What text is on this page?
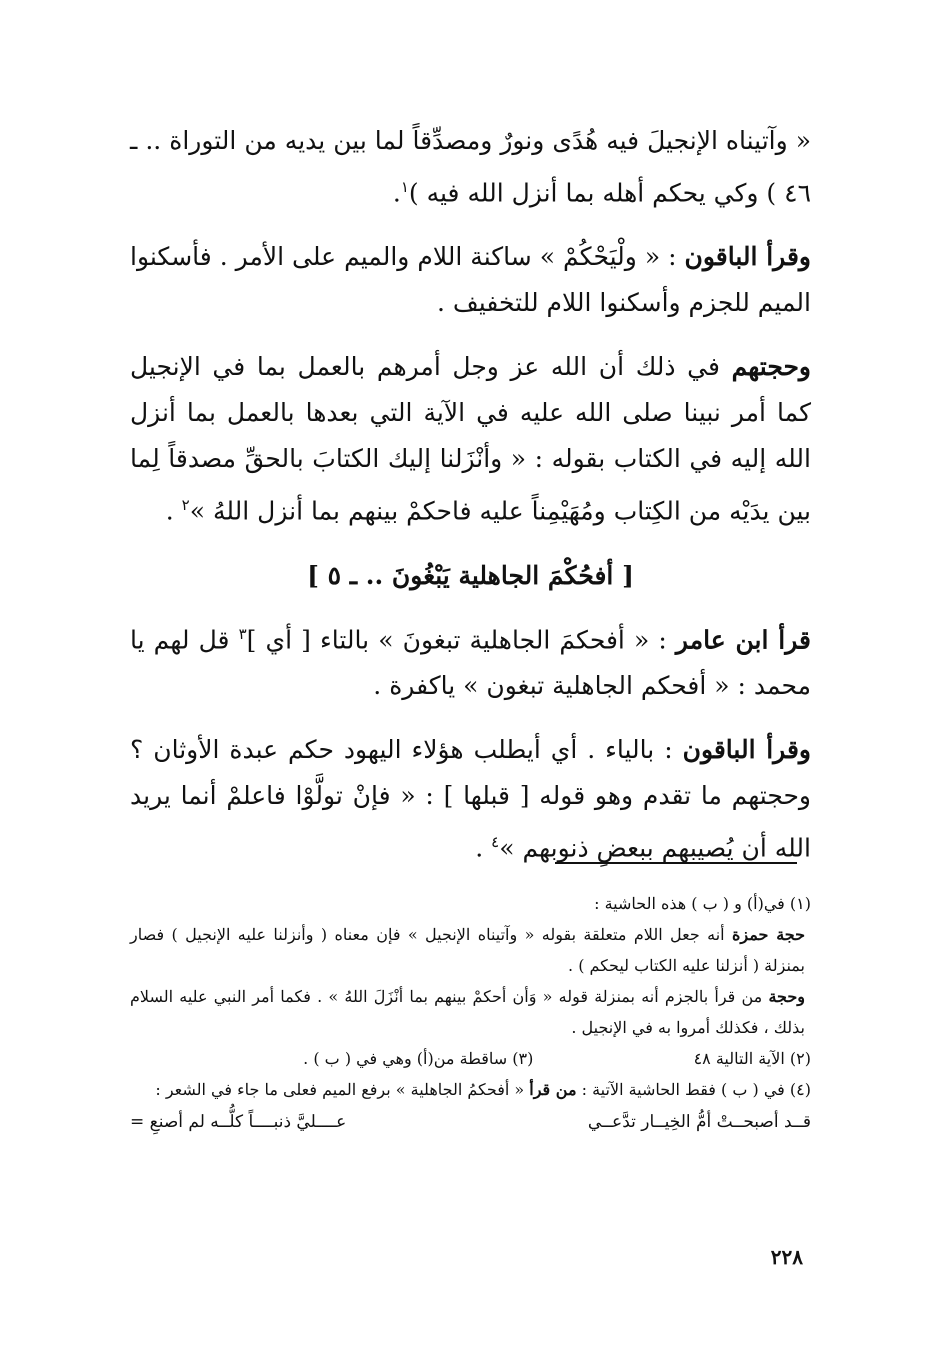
« وآتيناه الإنجيلَ فيه هُدًى ونورٌ ومصدِّقاً لما بين يديه من التوراة .. ـ ٤٦ ) وكي يحكم أهله بما أنزل الله فيه )$^١$.

وقرأ الباقون : « ولْيَحْكُمْ » ساكنة اللام والميم على الأمر . فأسكنوا الميم للجزم وأسكنوا اللام للتخفيف .

وحجتهم في ذلك أن الله عز وجل أمرهم بالعمل بما في الإنجيل كما أمر نبينا صلى الله عليه في الآية التي بعدها بالعمل بما أنزل الله إليه في الكتاب بقوله : « وأنْزَلنا إليك الكتابَ بالحقِّ مصدقاً لِما بين يدَيْه من الكِتاب ومُهَيْمِناً عليه فاحكمْ بينهم بما أنزل اللهُ »$^٢$ .

[ أفحُكْمَ الجاهلية يَبْغُونَ .. ـ ٥ ]

قرأ ابن عامر : « أفحكمَ الجاهلية تبغونَ » بالتاء [ أي ]$^٣$ قل لهم يا محمد : « أفحكم الجاهلية تبغون » ياكفرة .

وقرأ الباقون : بالياء . أي أيطلب هؤلاء اليهود حكم عبدة الأوثان ؟ وحجتهم ما تقدم وهو قوله [ قبلها ] : « فإنْ تولَّوْا فاعلمْ أنما يريد الله أن يُصيبهم ببعضِ ذنوبهم »$^٤$ .

(١) في(أ) و ( ب ) هذه الحاشية :

حجة حمزة أنه جعل اللام متعلقة بقوله « وآتيناه الإنجيل » فإن معناه ( وأنزلنا عليه الإنجيل ) فصار بمنزلة ( أنزلنا عليه الكتاب ليحكم ) .

وحجة من قرأ بالجزم أنه بمنزلة قوله « وَأن أحكمْ بينهم بما أنْزَلَ اللهُ » . فكما أمر النبي عليه السلام بذلك ، فكذلك أمروا به في الإنجيل .

(٢) الآية التالية ٤٨  (٣) ساقطة من(أ) وهي في ( ب ) .

(٤) في ( ب ) فقط الحاشية الآتية : من قرأ « أفحكمُ الجاهلية » برفع الميم فعلى ما جاء في الشعر :

قــد أصبحــتْ أمُّ الخِيــار تدَّعــي
عــــليَّ ذنبــــاً كلُّــه لم أصنعِ =
٢٢٨
